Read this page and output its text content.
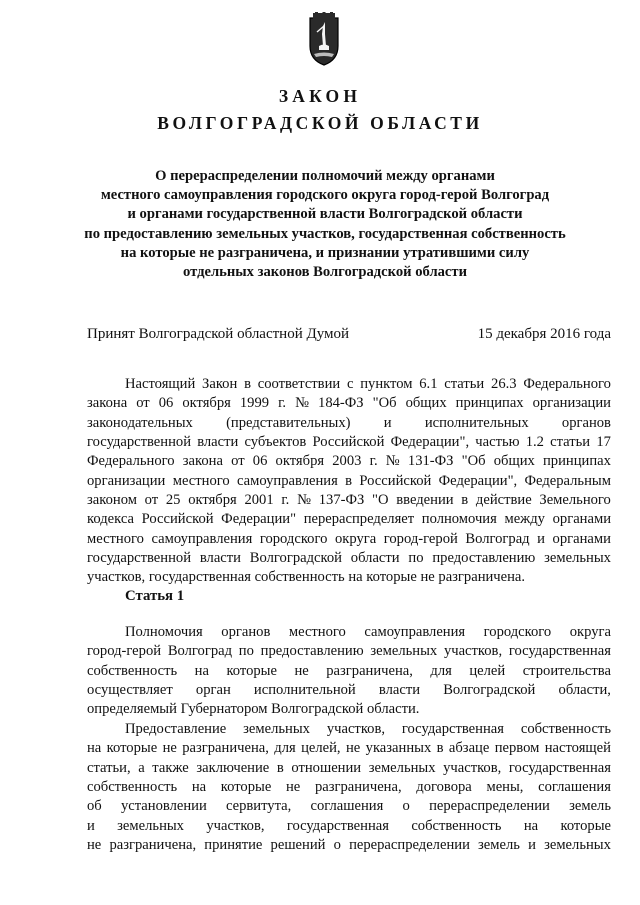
ЗАКОН
ВОЛГОГРАДСКОЙ ОБЛАСТИ
О перераспределении полномочий между органами
местного самоуправления городского округа город-герой Волгоград
и органами государственной власти Волгоградской области
по предоставлению земельных участков, государственная собственность
на которые не разграничена, и признании утратившими силу
отдельных законов Волгоградской области
Принят Волгоградской областной Думой	15 декабря 2016 года
Настоящий Закон в соответствии с пунктом 6.1 статьи 26.3 Федерального
закона от 06 октября 1999 г. № 184-ФЗ "Об общих принципах организации
законодательных (представительных) и исполнительных органов
государственной власти субъектов Российской Федерации", частью 1.2 статьи 17
Федерального закона от 06 октября 2003 г. № 131-ФЗ "Об общих принципах
организации местного самоуправления в Российской Федерации", Федеральным
законом от 25 октября 2001 г. № 137-ФЗ "О введении в действие Земельного
кодекса Российской Федерации" перераспределяет полномочия между органами
местного самоуправления городского округа город-герой Волгоград и органами
государственной власти Волгоградской области по предоставлению земельных
участков, государственная собственность на которые не разграничена.
Статья 1
Полномочия органов местного самоуправления городского округа
город-герой Волгоград по предоставлению земельных участков, государственная
собственность на которые не разграничена, для целей строительства
осуществляет орган исполнительной власти Волгоградской области,
определяемый Губернатором Волгоградской области.
Предоставление земельных участков, государственная собственность
на которые не разграничена, для целей, не указанных в абзаце первом настоящей
статьи, а также заключение в отношении земельных участков, государственная
собственность на которые не разграничена, договора мены, соглашения
об установлении сервитута, соглашения о перераспределении земель
и земельных участков, государственная собственность на которые
не разграничена, принятие решений о перераспределении земель и земельных
